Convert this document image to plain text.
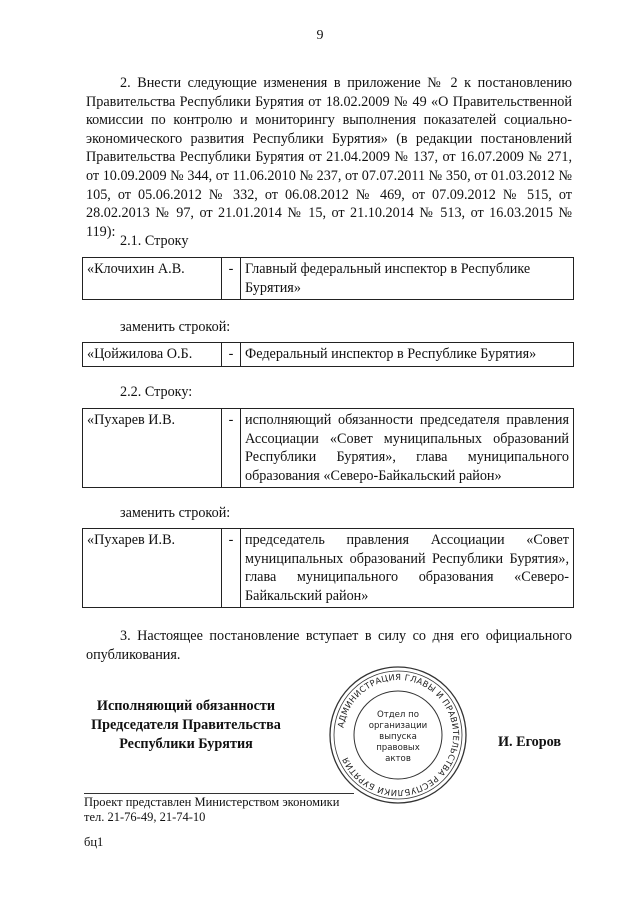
9

2. Внести следующие изменения в приложение № 2 к постановлению Правительства Республики Бурятия от 18.02.2009 № 49 «О Правительственной комиссии по контролю и мониторингу выполнения показателей социально-экономического развития Республики Бурятия» (в редакции постановлений Правительства Республики Бурятия от 21.04.2009 № 137, от 16.07.2009 № 271, от 10.09.2009 № 344, от 11.06.2010 № 237, от 07.07.2011 № 350, от 01.03.2012 № 105, от 05.06.2012 № 332, от 06.08.2012 № 469, от 07.09.2012 № 515, от 28.02.2013 № 97, от 21.01.2014 № 15, от 21.10.2014 № 513, от 16.03.2015 № 119):

2.1. Строку
«Клочихин А.В.	-	Главный федеральный инспектор в Республике Бурятия»
заменить строкой:
«Цойжилова О.Б.	-	Федеральный инспектор в Республике Бурятия»
2.2. Строку:
«Пухарев И.В.	-	исполняющий обязанности председателя правления Ассоциации «Совет муниципальных образований Республики Бурятия», глава муниципального образования «Северо-Байкальский район»
заменить строкой:
«Пухарев И.В.	-	председатель правления Ассоциации «Совет муниципальных образований Республики Бурятия», глава муниципального образования «Северо-Байкальский район»

3. Настоящее постановление вступает в силу со дня его официального опубликования.

Исполняющий обязанности
Председателя Правительства
Республики Бурятия
АДМИНИСТРАЦИЯ ГЛАВЫ И ПРАВИТЕЛЬСТВА РЕСПУБЛИКИ БУРЯТИЯ
Отдел по
организации
выпуска
правовых
актов
И. Егоров
Проект представлен Министерством экономики
тел. 21-76-49, 21-74-10
бц1
